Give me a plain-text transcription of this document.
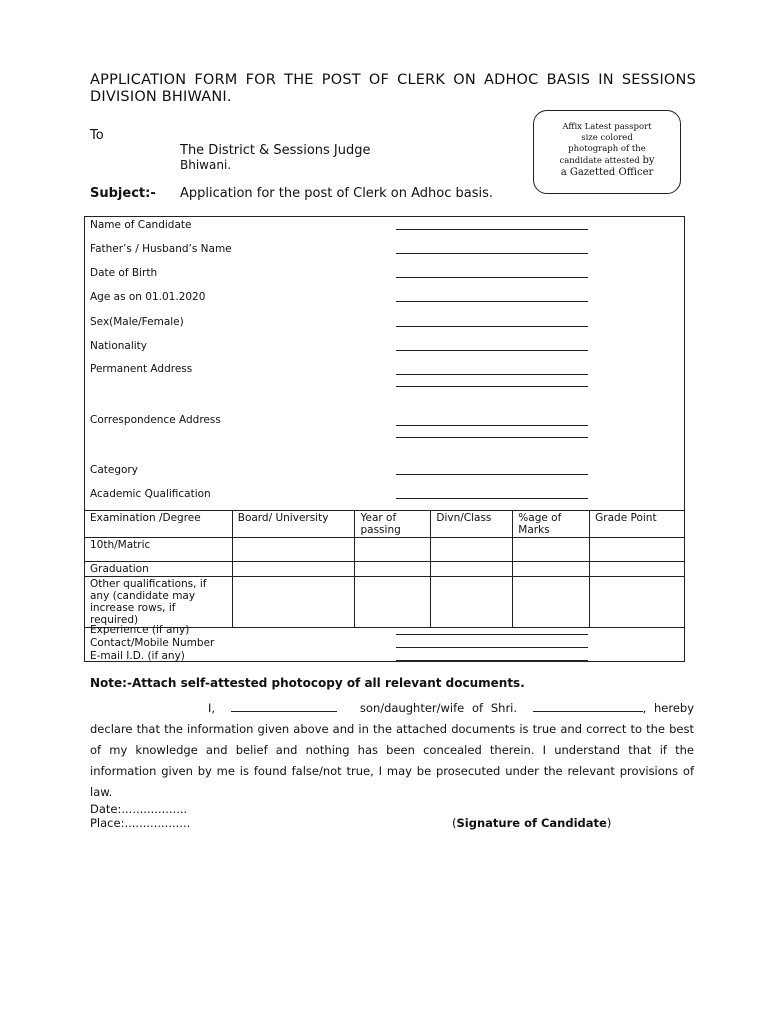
APPLICATION FORM FOR THE POST OF CLERK ON ADHOC BASIS IN SESSIONS DIVISION BHIWANI.
To
The District & Sessions Judge
Bhiwani.
Affix Latest passport
size colored
photograph of the
candidate attested by
a Gazetted Officer
Subject:- Application for the post of Clerk on Adhoc basis.
Name of Candidate
Father’s / Husband’s Name
Date of Birth
Age as on 01.01.2020
Sex(Male/Female)
Nationality
Permanent Address
Correspondence Address
Category
Academic Qualification
Examination /Degree	Board/ University	Year of passing	Divn/Class	%age of Marks	Grade Point
10th/Matric					
Graduation					
Other qualifications, if any (candidate may increase rows, if required)					
Experience (if any)
Contact/Mobile Number
E-mail I.D. (if any)
Note:-Attach self-attested photocopy of all relevant documents.
I,	son/daughter/wife of Shri.	, hereby declare that the information given above and in the attached documents is true and correct to the best of my knowledge and belief and nothing has been concealed therein. I understand that if the information given by me is found false/not true, I may be prosecuted under the relevant provisions of law.
Date:..................
Place:..................	(Signature of Candidate)
